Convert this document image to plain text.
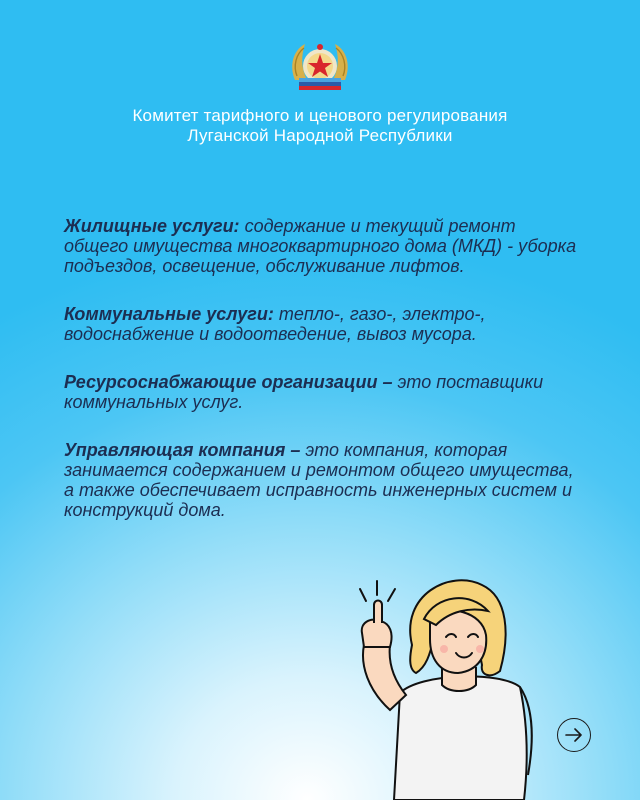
Комитет тарифного и ценового регулирования
Луганской Народной Республики

Жилищные услуги: содержание и текущий ремонт общего имущества многоквартирного дома (МКД) - уборка подъездов, освещение, обслуживание лифтов.

Коммунальные услуги: тепло-, газо-, электро-, водоснабжение и водоотведение, вывоз мусора.

Ресурсоснабжающие организации – это поставщики коммунальных услуг.

Управляющая компания – это компания, которая занимается содержанием и ремонтом общего имущества, а также обеспечивает исправность инженерных систем и конструкций дома.
